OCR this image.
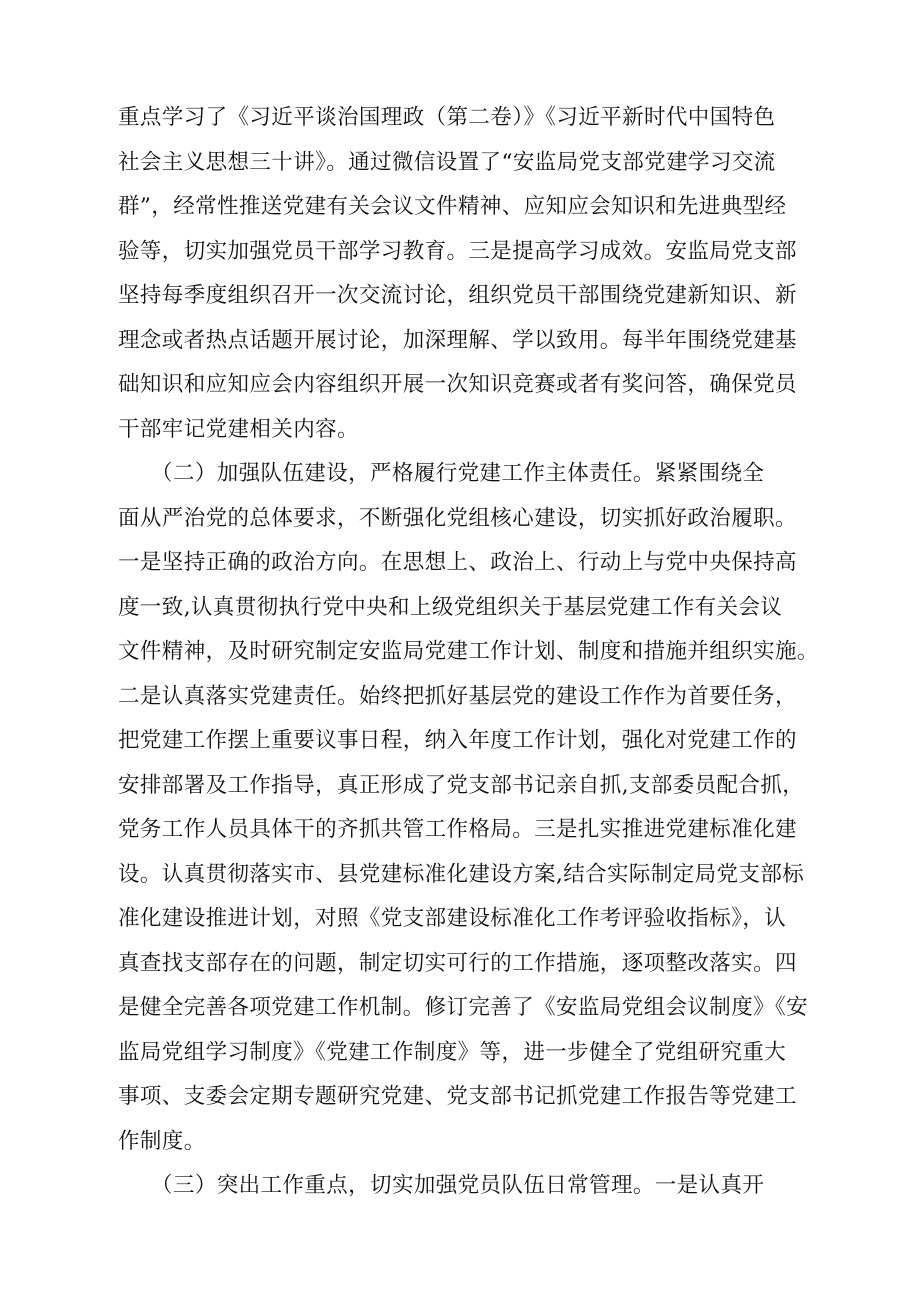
重点学习了《习近平谈治国理政（第二卷）》《习近平新时代中国特色
社会主义思想三十讲》。通过微信设置了“安监局党支部党建学习交流
群”，经常性推送党建有关会议文件精神、应知应会知识和先进典型经
验等，切实加强党员干部学习教育。三是提高学习成效。安监局党支部
坚持每季度组织召开一次交流讨论，组织党员干部围绕党建新知识、新
理念或者热点话题开展讨论，加深理解、学以致用。每半年围绕党建基
础知识和应知应会内容组织开展一次知识竞赛或者有奖问答，确保党员
干部牢记党建相关内容。
　　（二）加强队伍建设，严格履行党建工作主体责任。紧紧围绕全
面从严治党的总体要求，不断强化党组核心建设，切实抓好政治履职。
一是坚持正确的政治方向。在思想上、政治上、行动上与党中央保持高
度一致,认真贯彻执行党中央和上级党组织关于基层党建工作有关会议
文件精神，及时研究制定安监局党建工作计划、制度和措施并组织实施。
二是认真落实党建责任。始终把抓好基层党的建设工作作为首要任务，
把党建工作摆上重要议事日程，纳入年度工作计划，强化对党建工作的
安排部署及工作指导，真正形成了党支部书记亲自抓,支部委员配合抓，
党务工作人员具体干的齐抓共管工作格局。三是扎实推进党建标准化建
设。认真贯彻落实市、县党建标准化建设方案,结合实际制定局党支部标
准化建设推进计划，对照《党支部建设标准化工作考评验收指标》，认
真查找支部存在的问题，制定切实可行的工作措施，逐项整改落实。四
是健全完善各项党建工作机制。修订完善了《安监局党组会议制度》《安
监局党组学习制度》《党建工作制度》等，进一步健全了党组研究重大
事项、支委会定期专题研究党建、党支部书记抓党建工作报告等党建工
作制度。
　　（三）突出工作重点，切实加强党员队伍日常管理。一是认真开
